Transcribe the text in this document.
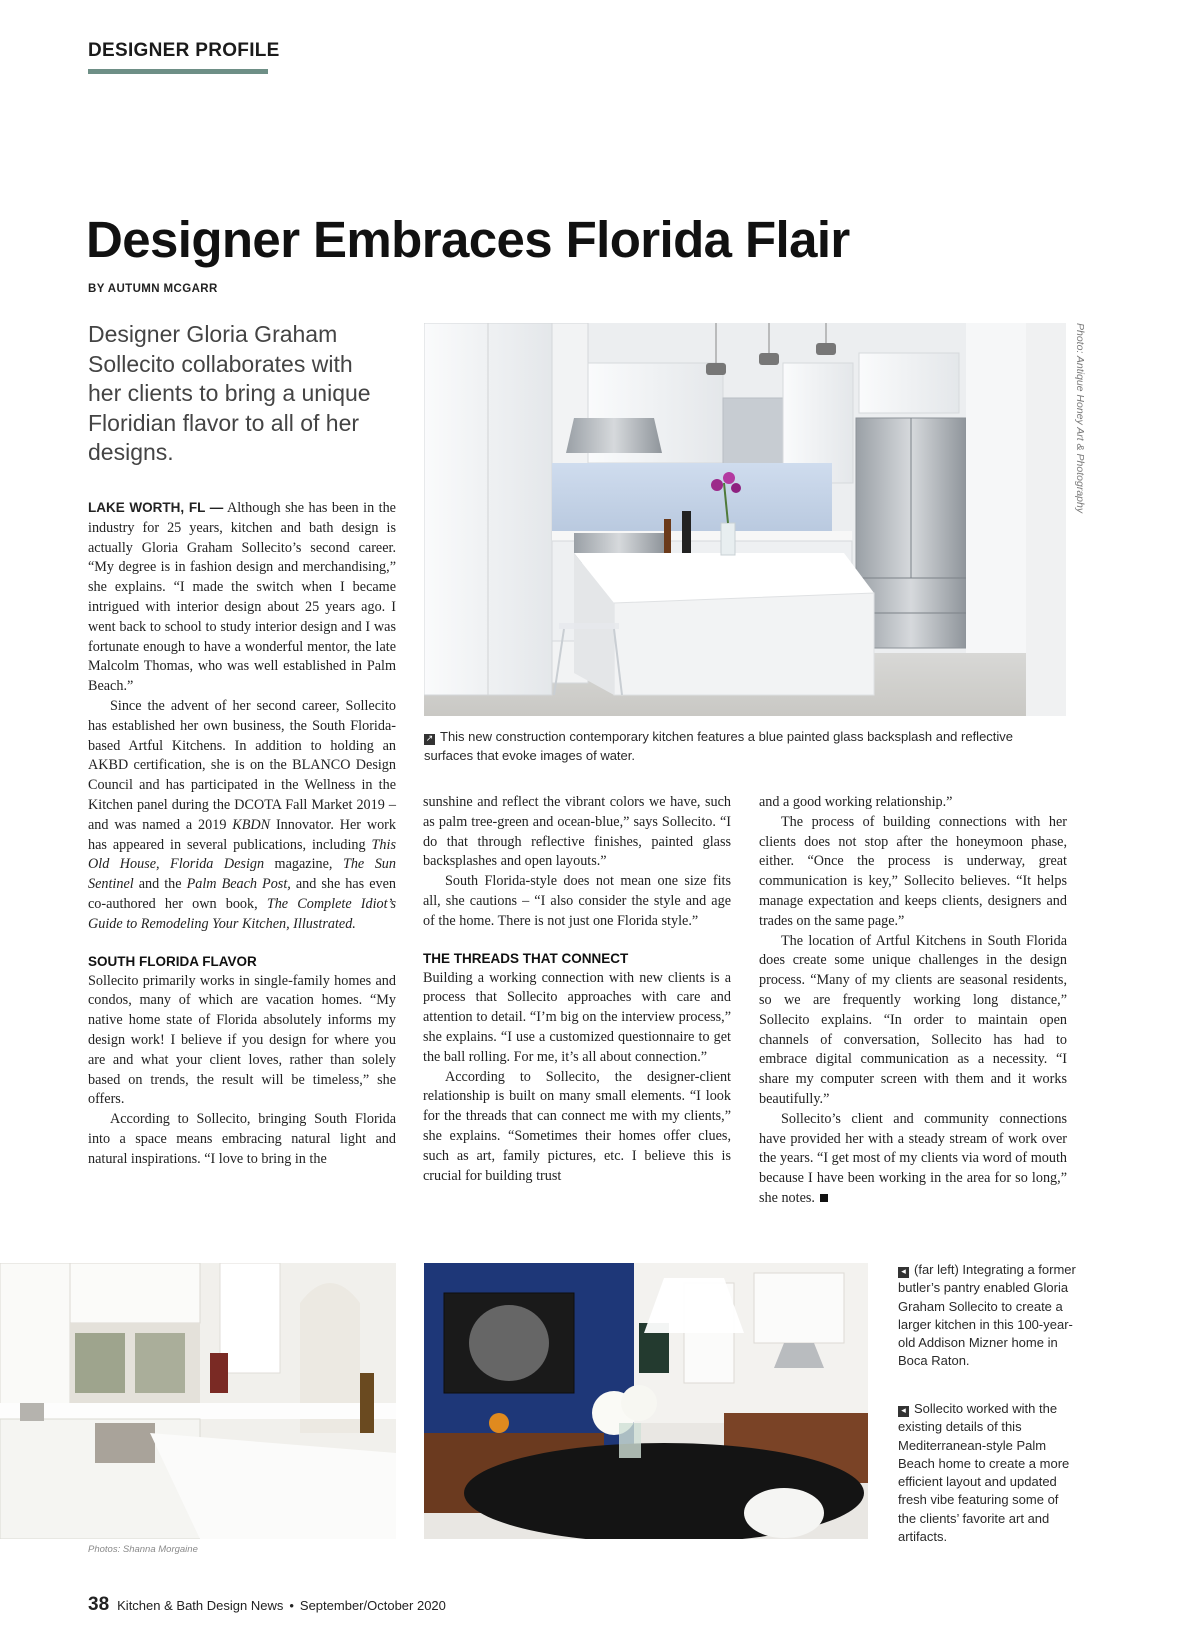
DESIGNER PROFILE
Designer Embraces Florida Flair
BY AUTUMN MCGARR
Designer Gloria Graham Sollecito collaborates with her clients to bring a unique Floridian flavor to all of her designs.

LAKE WORTH, FL — Although she has been in the industry for 25 years, kitchen and bath design is actually Gloria Graham Sollecito’s second career. “My degree is in fashion design and merchandising,” she explains. “I made the switch when I became intrigued with interior design about 25 years ago. I went back to school to study interior design and I was fortunate enough to have a wonderful mentor, the late Malcolm Thomas, who was well established in Palm Beach.”

Since the advent of her second career, Sollecito has established her own business, the South Florida-based Artful Kitchens. In addition to holding an AKBD certification, she is on the BLANCO Design Council and has participated in the Wellness in the Kitchen panel during the DCOTA Fall Market 2019 – and was named a 2019 KBDN Innovator. Her work has appeared in several publications, including This Old House, Florida Design magazine, The Sun Sentinel and the Palm Beach Post, and she has even co-authored her own book, The Complete Idiot’s Guide to Remodeling Your Kitchen, Illustrated.

SOUTH FLORIDA FLAVOR

Sollecito primarily works in single-family homes and condos, many of which are vacation homes. “My native home state of Florida absolutely informs my design work! I believe if you design for where you are and what your client loves, rather than solely based on trends, the result will be timeless,” she offers.

According to Sollecito, bringing South Florida into a space means embracing natural light and natural inspirations. “I love to bring in the

sunshine and reflect the vibrant colors we have, such as palm tree-green and ocean-blue,” says Sollecito. “I do that through reflective finishes, painted glass backsplashes and open layouts.”

South Florida-style does not mean one size fits all, she cautions – “I also consider the style and age of the home. There is not just one Florida style.”

THE THREADS THAT CONNECT

Building a working connection with new clients is a process that Sollecito approaches with care and attention to detail. “I’m big on the interview process,” she explains. “I use a customized questionnaire to get the ball rolling. For me, it’s all about connection.”

According to Sollecito, the designer-client relationship is built on many small elements. “I look for the threads that can connect me with my clients,” she explains. “Sometimes their homes offer clues, such as art, family pictures, etc. I believe this is crucial for building trust

and a good working relationship.”

The process of building connections with her clients does not stop after the honeymoon phase, either. “Once the process is underway, great communication is key,” Sollecito believes. “It helps manage expectation and keeps clients, designers and trades on the same page.”

The location of Artful Kitchens in South Florida does create some unique challenges in the design process. “Many of my clients are seasonal residents, so we are frequently working long distance,” Sollecito explains. “In order to maintain open channels of conversation, Sollecito has had to embrace digital communication as a necessity. “I share my computer screen with them and it works beautifully.”

Sollecito’s client and community connections have provided her with a steady stream of work over the years. “I get most of my clients via word of mouth because I have been working in the area for so long,” she notes.

Photo: Antique Honey Art & Photography
↗ This new construction contemporary kitchen features a blue painted glass backsplash and reflective surfaces that evoke images of water.
◂ (far left) Integrating a former butler’s pantry enabled Gloria Graham Sollecito to create a larger kitchen in this 100-year-old Addison Mizner home in Boca Raton.
◂ Sollecito worked with the existing details of this Mediterranean-style Palm Beach home to create a more efficient layout and updated fresh vibe featuring some of the clients’ favorite art and artifacts.
Photos: Shanna Morgaine
38 Kitchen & Bath Design News • September/October 2020
